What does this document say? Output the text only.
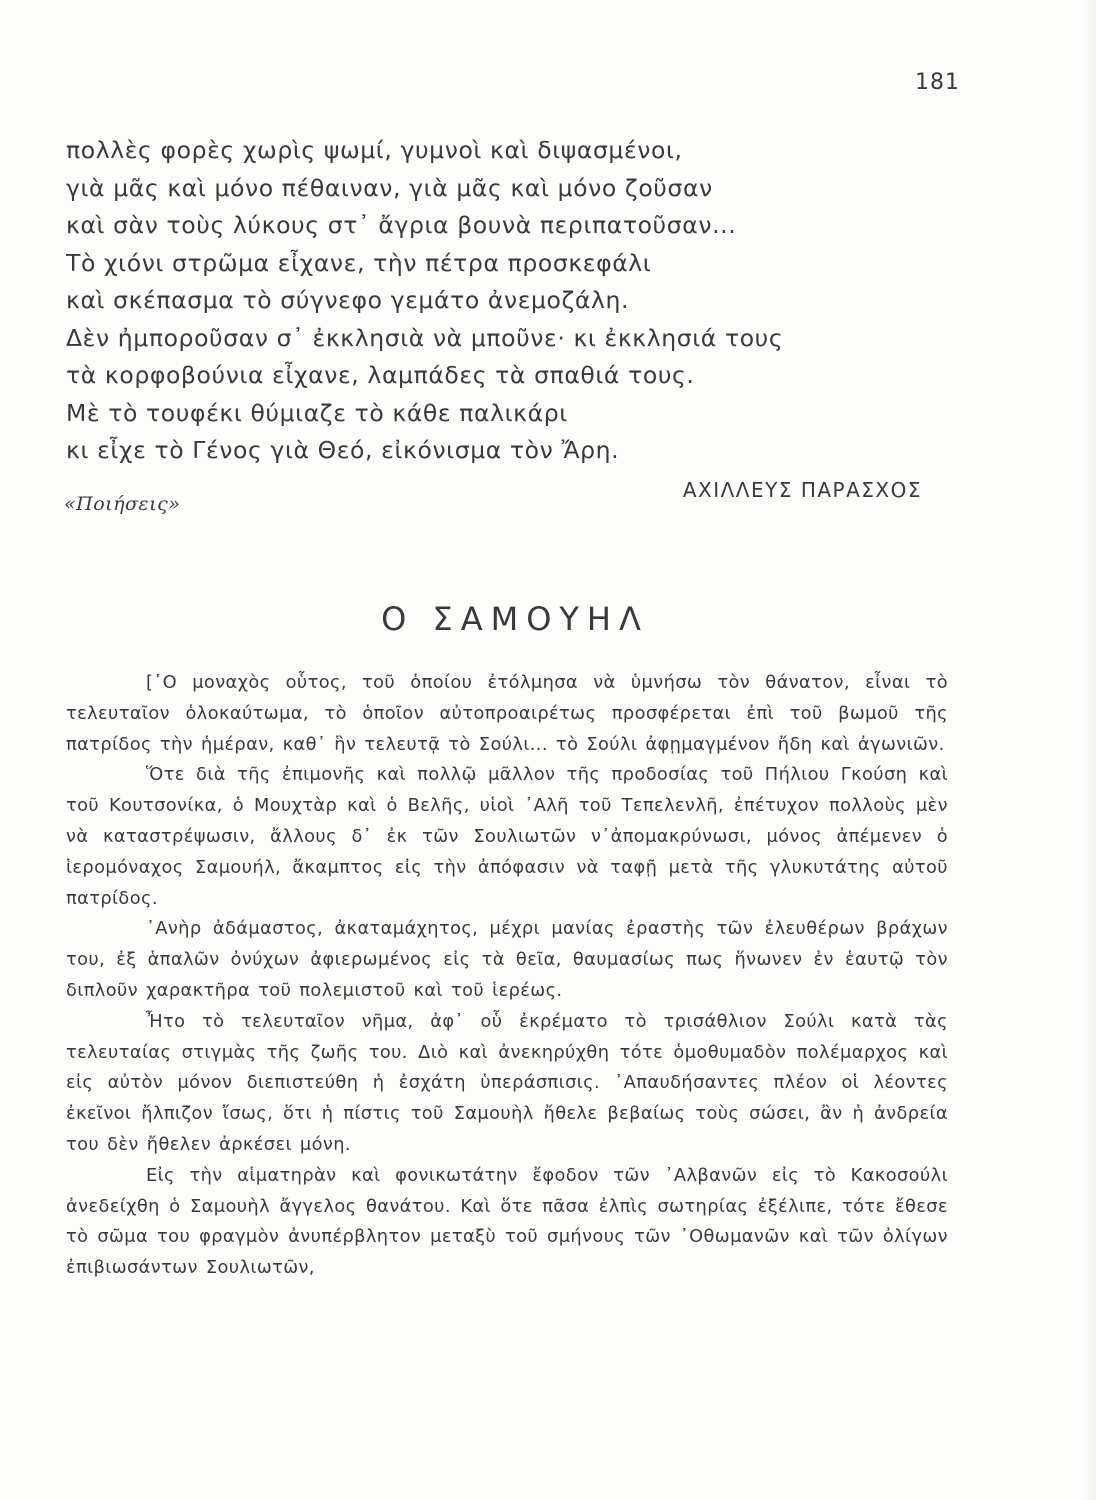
181
πολλὲς φορὲς χωρὶς ψωμί, γυμνοὶ καὶ διψασμένοι,
γιὰ μᾶς καὶ μόνο πέθαιναν, γιὰ μᾶς καὶ μόνο ζοῦσαν
καὶ σὰν τοὺς λύκους στ᾽ ἄγρια βουνὰ περιπατοῦσαν...
Τὸ χιόνι στρῶμα εἶχανε, τὴν πέτρα προσκεφάλι
καὶ σκέπασμα τὸ σύγνεφο γεμάτο ἀνεμοζάλη.
Δὲν ἠμποροῦσαν σ᾽ ἐκκλησιὰ νὰ μποῦνε· κι ἐκκλησιά τους
τὰ κορφοβούνια εἶχανε, λαμπάδες τὰ σπαθιά τους.
Μὲ τὸ τουφέκι θύμιαζε τὸ κάθε παλικάρι
κι εἶχε τὸ Γένος γιὰ Θεό, εἰκόνισμα τὸν Ἄρη.
«Ποιήσεις»
ΑΧΙΛΛΕΥΣ ΠΑΡΑΣΧΟΣ
Ο ΣΑΜΟΥΗΛ

[῾Ο μοναχὸς οὗτος, τοῦ ὁποίου ἐτόλμησα νὰ ὑμνήσω τὸν θάνατον, εἶναι τὸ τελευταῖον ὁλοκαύτωμα, τὸ ὁποῖον αὐτοπροαιρέτως προσφέρεται ἐπὶ τοῦ βωμοῦ τῆς πατρίδος τὴν ἡμέραν, καθ᾽ ἣν τελευτᾷ τὸ Σούλι... τὸ Σούλι ἀφῃμαγμένον ἤδη καὶ ἀγωνιῶν.

Ὅτε διὰ τῆς ἐπιμονῆς καὶ πολλῷ μᾶλλον τῆς προδοσίας τοῦ Πήλιου Γκούση καὶ τοῦ Κουτσονίκα, ὁ Μουχτὰρ καὶ ὁ Βελῆς, υἱοὶ ᾽Αλῆ τοῦ Τεπελενλῆ, ἐπέτυχον πολλοὺς μὲν νὰ καταστρέψωσιν, ἄλλους δ᾽ ἐκ τῶν Σουλιωτῶν ν᾽ἀπομακρύνωσι, μόνος ἀπέμενεν ὁ ἱερομόναχος Σαμουήλ, ἄκαμπτος εἰς τὴν ἀπόφασιν νὰ ταφῇ μετὰ τῆς γλυκυτάτης αὐτοῦ πατρίδος.

᾽Ανὴρ ἀδάμαστος, ἀκαταμάχητος, μέχρι μανίας ἐραστὴς τῶν ἐλευθέρων βράχων του, ἐξ ἁπαλῶν ὀνύχων ἀφιερωμένος εἰς τὰ θεῖα, θαυμασίως πως ἥνωνεν ἐν ἑαυτῷ τὸν διπλοῦν χαρακτῆρα τοῦ πολεμιστοῦ καὶ τοῦ ἱερέως.

Ἦτο τὸ τελευταῖον νῆμα, ἀφ᾽ οὗ ἐκρέματο τὸ τρισάθλιον Σούλι κατὰ τὰς τελευταίας στιγμὰς τῆς ζωῆς του. Διὸ καὶ ἀνεκηρύχθη τότε ὁμοθυμαδὸν πολέμαρχος καὶ εἰς αὐτὸν μόνον διεπιστεύθη ἡ ἐσχάτη ὑπεράσπισις. ᾽Απαυδήσαντες πλέον οἱ λέοντες ἐκεῖνοι ἤλπιζον ἴσως, ὅτι ἡ πίστις τοῦ Σαμουὴλ ἤθελε βεβαίως τοὺς σώσει, ἂν ἡ ἀνδρεία του δὲν ἤθελεν ἀρκέσει μόνη.

Εἰς τὴν αἱματηρὰν καὶ φονικωτάτην ἔφοδον τῶν ᾽Αλβανῶν εἰς τὸ Κακοσούλι ἀνεδείχθη ὁ Σαμουὴλ ἄγγελος θανάτου. Καὶ ὅτε πᾶσα ἐλπὶς σωτηρίας ἐξέλιπε, τότε ἔθεσε τὸ σῶμα του φραγμὸν ἀνυπέρβλητον μεταξὺ τοῦ σμήνους τῶν ᾽Οθωμανῶν καὶ τῶν ὀλίγων ἐπιβιωσάντων Σουλιωτῶν,
